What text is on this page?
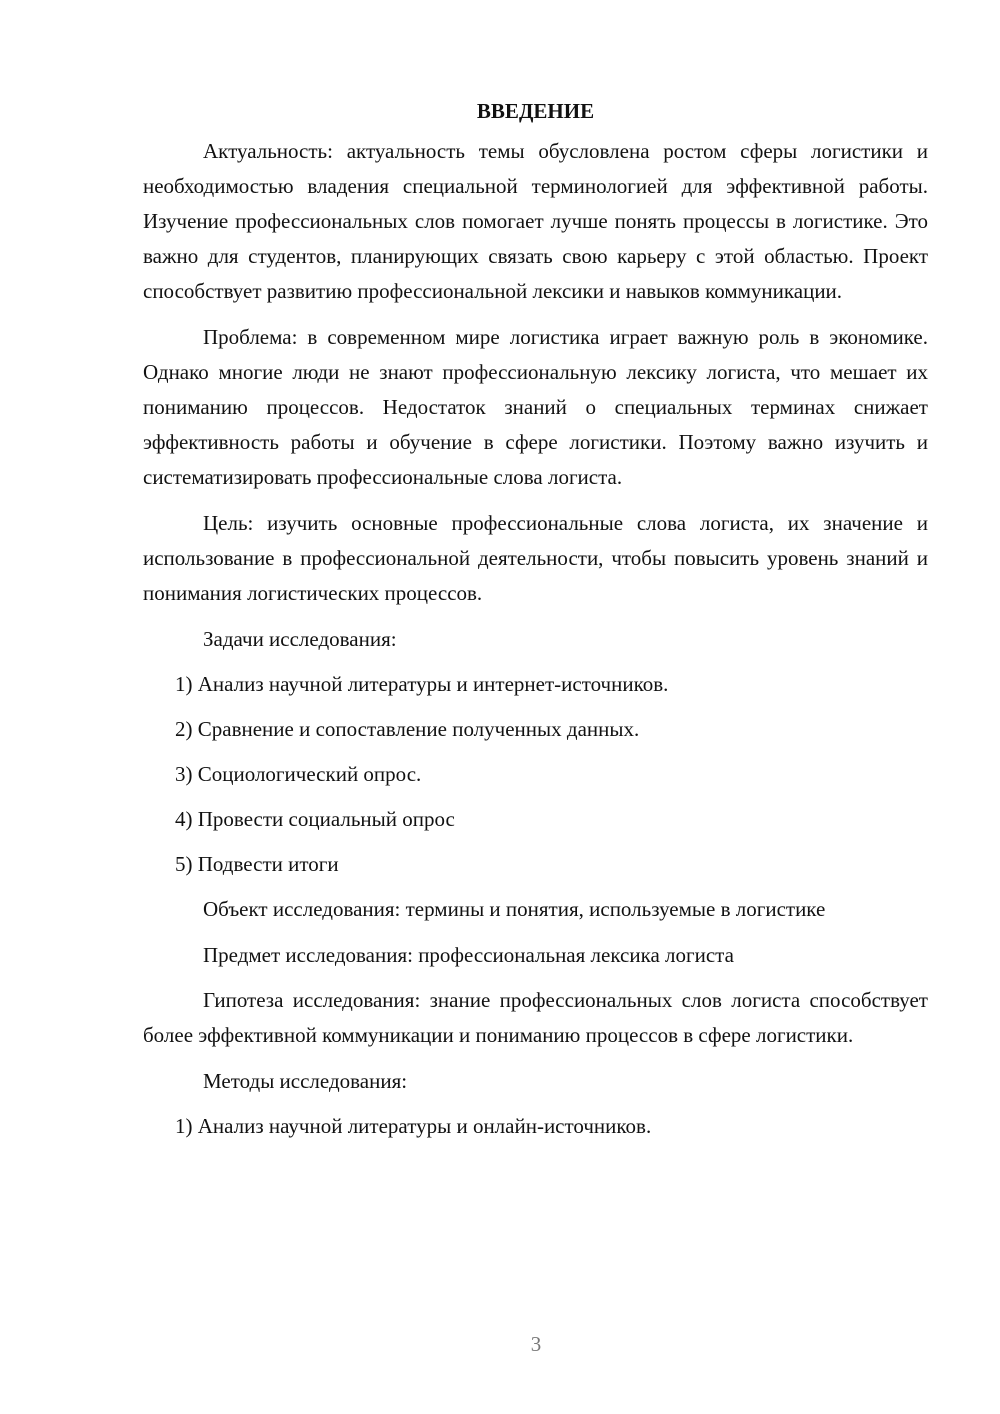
ВВЕДЕНИЕ

Актуальность: актуальность темы обусловлена ростом сферы логистики и необходимостью владения специальной терминологией для эффективной работы. Изучение профессиональных слов помогает лучше понять процессы в логистике. Это важно для студентов, планирующих связать свою карьеру с этой областью. Проект способствует развитию профессиональной лексики и навыков коммуникации.

Проблема: в современном мире логистика играет важную роль в экономике. Однако многие люди не знают профессиональную лексику логиста, что мешает их пониманию процессов. Недостаток знаний о специальных терминах снижает эффективность работы и обучение в сфере логистики. Поэтому важно изучить и систематизировать профессиональные слова логиста.

Цель: изучить основные профессиональные слова логиста, их значение и использование в профессиональной деятельности, чтобы повысить уровень знаний и понимания логистических процессов.

Задачи исследования:

1) Анализ научной литературы и интернет-источников.

2) Сравнение и сопоставление полученных данных.

3) Социологический опрос.

4) Провести социальный опрос

5) Подвести итоги

Объект исследования: термины и понятия, используемые в логистике

Предмет исследования: профессиональная лексика логиста

Гипотеза исследования: знание профессиональных слов логиста способствует более эффективной коммуникации и пониманию процессов в сфере логистики.

Методы исследования:

1) Анализ научной литературы и онлайн-источников.

3
